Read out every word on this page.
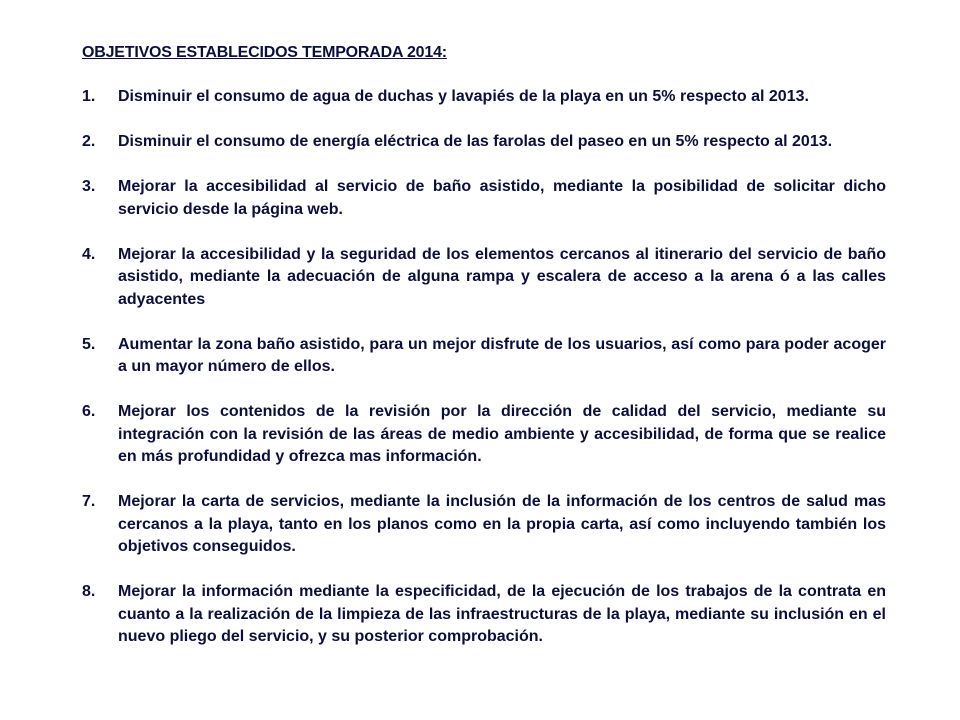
OBJETIVOS ESTABLECIDOS TEMPORADA 2014:
1.	Disminuir el consumo de agua de duchas y lavapiés de la playa en un 5% respecto al 2013.
2.	Disminuir el consumo de energía eléctrica de las farolas del paseo en un 5% respecto al 2013.
3.	Mejorar la accesibilidad al servicio de baño asistido, mediante la posibilidad de solicitar dicho servicio desde la página web.
4.	Mejorar la accesibilidad y la seguridad de los elementos cercanos al itinerario del servicio de baño asistido, mediante la adecuación de alguna rampa y escalera de acceso a la arena ó a las calles adyacentes
5.	Aumentar la zona baño asistido, para un mejor disfrute de los usuarios, así como para poder acoger a un mayor número de ellos.
6.	Mejorar los contenidos de la revisión por la dirección de calidad del servicio, mediante su integración con la revisión de las áreas de medio ambiente y accesibilidad, de forma que se realice en más profundidad y ofrezca mas información.
7.	Mejorar la carta de servicios, mediante la inclusión de la información de los centros de salud mas cercanos a la playa, tanto en los planos como en la propia carta, así como incluyendo también los objetivos conseguidos.
8.	Mejorar la información mediante la especificidad, de la ejecución de los trabajos de la contrata en cuanto a la realización de la limpieza de las infraestructuras de la playa, mediante su inclusión en el nuevo pliego del servicio, y su posterior comprobación.
